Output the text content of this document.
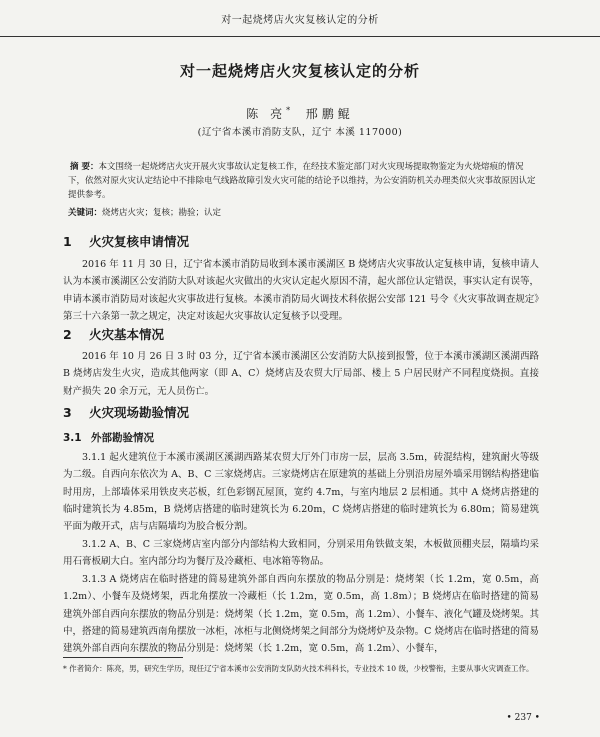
对一起烧烤店火灾复核认定的分析
对一起烧烤店火灾复核认定的分析
陈 亮* 邢鹏鲲
(辽宁省本溪市消防支队，辽宁 本溪 117000)
摘 要：本文围绕一起烧烤店火灾开展火灾事故认定复核工作，在经技术鉴定部门对火灾现场提取物鉴定为火烧熔痕的情况下，依然对原火灾认定结论中不排除电气线路故障引发火灾可能的结论予以维持，为公安消防机关办理类似火灾事故原因认定提供参考。
关键词：烧烤店火灾；复核；勘验；认定
1 火灾复核申请情况
2016 年 11 月 30 日，辽宁省本溪市消防局收到本溪市溪湖区 B 烧烤店火灾事故认定复核申请，复核申请人认为本溪市溪湖区公安消防大队对该起火灾做出的火灾认定起火原因不清，起火部位认定错误，事实认定有误等，申请本溪市消防局对该起火灾事故进行复核。本溪市消防局火调技术科依据公安部 121 号令《火灾事故调查规定》第三十六条第一款之规定，决定对该起火灾事故认定复核予以受理。
2 火灾基本情况
2016 年 10 月 26 日 3 时 03 分，辽宁省本溪市溪湖区公安消防大队接到报警，位于本溪市溪湖区溪湖西路 B 烧烤店发生火灾，造成其他两家（即 A、C）烧烤店及农贸大厅局部、楼上 5 户居民财产不同程度烧损。直接财产损失 20 余万元，无人员伤亡。
3 火灾现场勘验情况
3.1 外部勘验情况
3.1.1 起火建筑位于本溪市溪湖区溪湖西路某农贸大厅外门市房一层，层高 3.5m，砖混结构，建筑耐火等级为二级。自西向东依次为 A、B、C 三家烧烤店。三家烧烤店在原建筑的基础上分别沿房屋外墙采用钢结构搭建临时用房，上部墙体采用铁皮夹芯板，红色彩钢瓦屋顶，宽约 4.7m，与室内地层 2 层相通。其中 A 烧烤店搭建的临时建筑长为 4.85m，B 烧烤店搭建的临时建筑长为 6.20m，C 烧烤店搭建的临时建筑长为 6.80m；简易建筑平面为敞开式，店与店隔墙均为胶合板分割。
3.1.2 A、B、C 三家烧烤店室内部分内部结构大致相同，分别采用角铁做支架，木板做顶棚夹层，隔墙均采用石膏板刷大白。室内部分均为餐厅及冷藏柜、电冰箱等物品。
3.1.3 A 烧烤店在临时搭建的简易建筑外部自西向东摆放的物品分别是：烧烤架（长 1.2m，宽 0.5m，高 1.2m）、小餐车及烧烤架，西北角摆放一冷藏柜（长 1.2m，宽 0.5m，高 1.8m）；B 烧烤店在临时搭建的简易建筑外部自西向东摆放的物品分别是：烧烤架（长 1.2m，宽 0.5m，高 1.2m）、小餐车、液化气罐及烧烤架。其中，搭建的简易建筑西南角摆放一冰柜，冰柜与北侧烧烤架之间部分为烧烤炉及杂物。C 烧烤店在临时搭建的简易建筑外部自西向东摆放的物品分别是：烧烤架（长 1.2m，宽 0.5m，高 1.2m）、小餐车，
* 作者简介：陈亮，男，研究生学历，现任辽宁省本溪市公安消防支队防火技术科科长，专业技术 10 级，少校警衔，主要从事火灾调查工作。
• 237 •
